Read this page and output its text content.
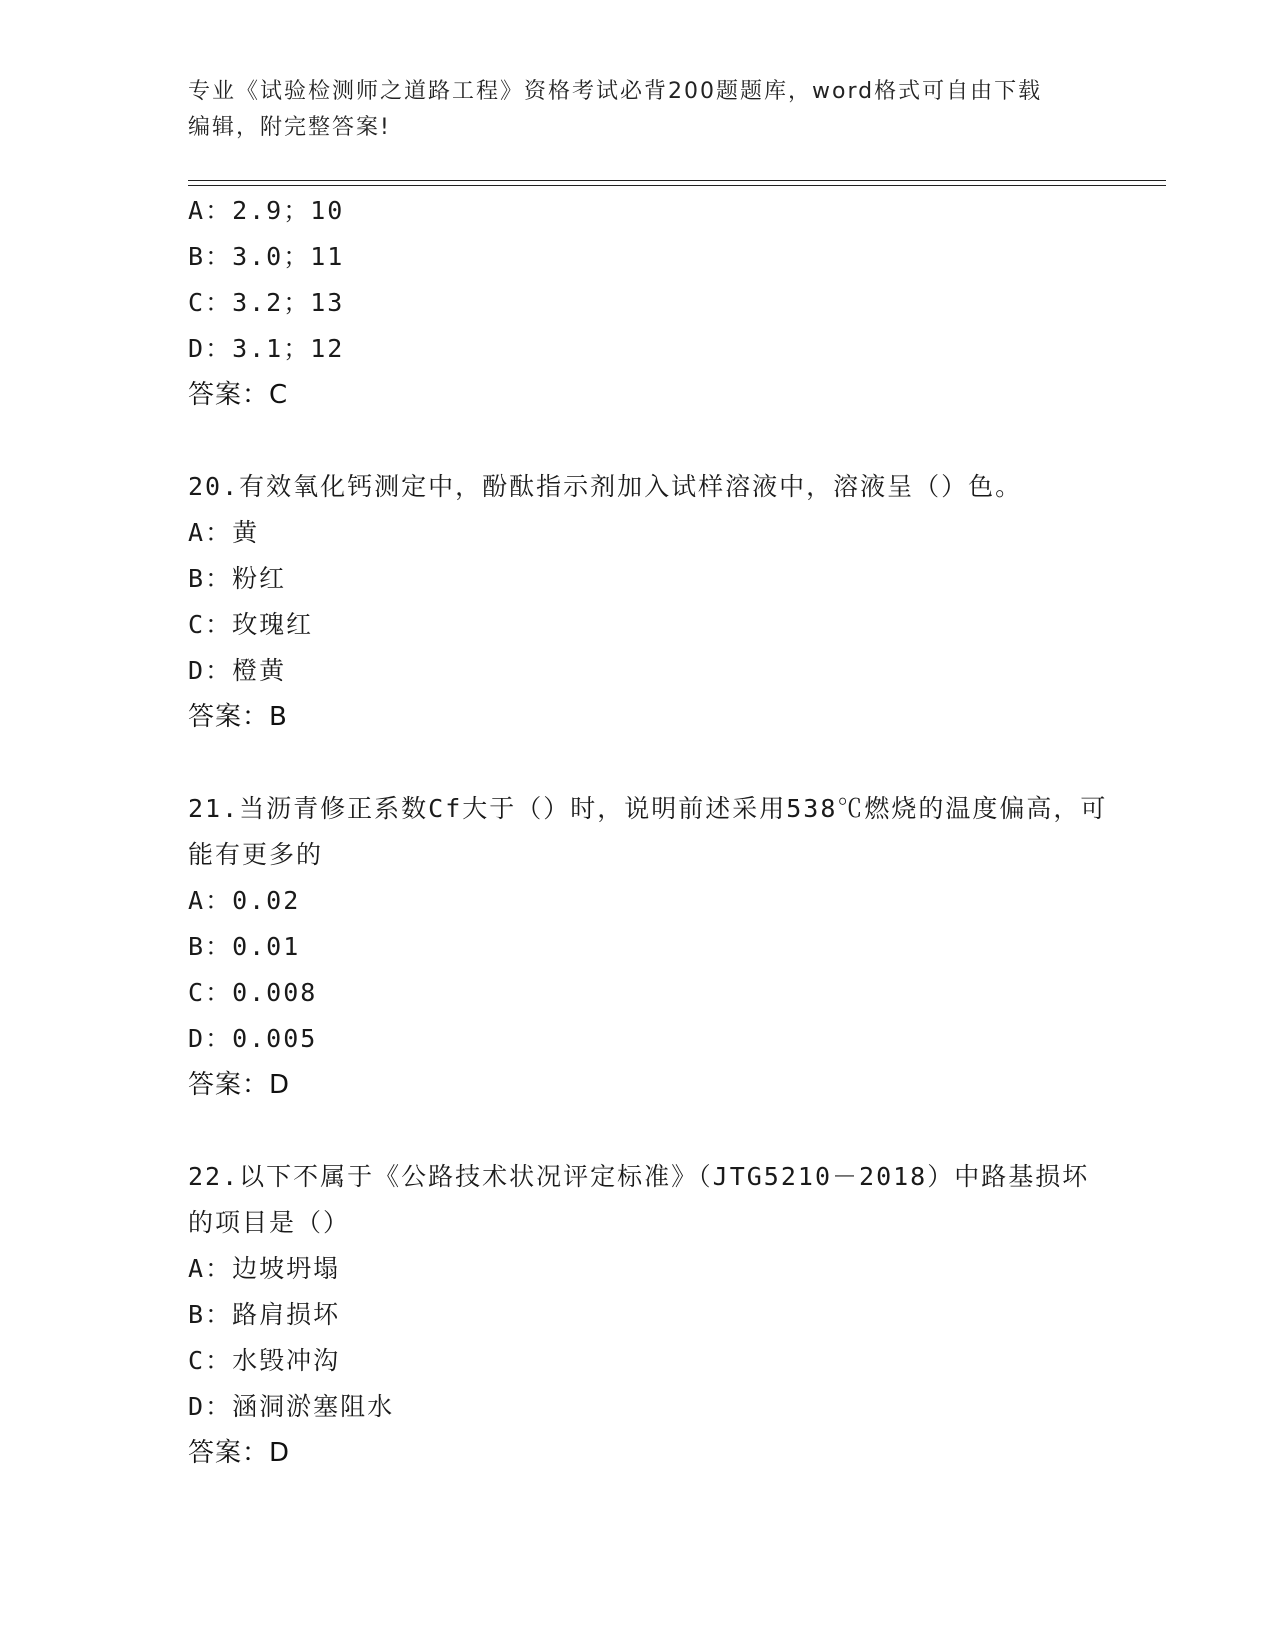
专业《试验检测师之道路工程》资格考试必背200题题库，word格式可自由下载
编辑，附完整答案!
A：2.9；10
B：3.0；11
C：3.2；13
D：3.1；12
答案：C
20.有效氧化钙测定中，酚酞指示剂加入试样溶液中，溶液呈（）色。
A：黄
B：粉红
C：玫瑰红
D：橙黄
答案：B
21.当沥青修正系数Cf大于（）时，说明前述采用538℃燃烧的温度偏高，可能有更多的
A：0.02
B：0.01
C：0.008
D：0.005
答案：D
22.以下不属于《公路技术状况评定标准》（JTG5210－2018）中路基损坏的项目是（）
A：边坡坍塌
B：路肩损坏
C：水毁冲沟
D：涵洞淤塞阻水
答案：D
